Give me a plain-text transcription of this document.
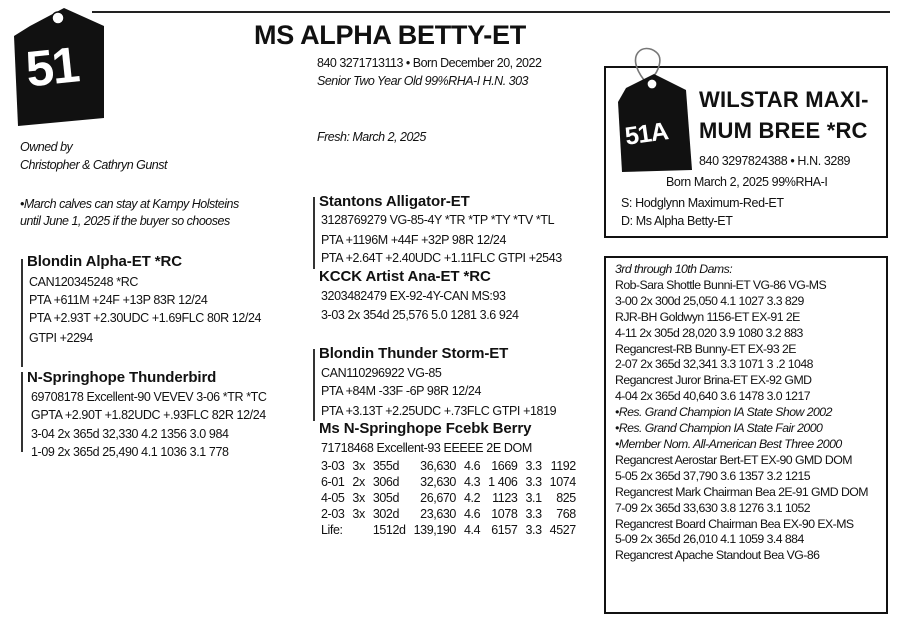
51
MS ALPHA BETTY-ET
840 3271713113 • Born December 20, 2022
Senior Two Year Old 99%RHA-I H.N. 303
Fresh: March 2, 2025
Owned by
Christopher & Cathryn Gunst
•March calves can stay at Kampy Holsteins
until June 1, 2025 if the buyer so chooses
Blondin Alpha-ET *RC
CAN120345248 *RC
PTA +611M +24F +13P 83R 12/24
PTA +2.93T +2.30UDC +1.69FLC 80R 12/24
GTPI +2294
N-Springhope Thunderbird
69708178 Excellent-90 VEVEV 3-06 *TR *TC
GPTA +2.90T +1.82UDC +.93FLC 82R 12/24
3-04 2x 365d 32,330 4.2 1356 3.0 984
1-09 2x 365d 25,490 4.1 1036 3.1 778
Stantons Alligator-ET
3128769279 VG-85-4Y *TR *TP *TY *TV *TL
PTA +1196M +44F +32P 98R 12/24
PTA +2.64T +2.40UDC +1.11FLC GTPI +2543
KCCK Artist Ana-ET *RC
3203482479 EX-92-4Y-CAN MS:93
3-03 2x 354d 25,576 5.0 1281 3.6 924
Blondin Thunder Storm-ET
CAN110296922 VG-85
PTA +84M -33F -6P 98R 12/24
PTA +3.13T +2.25UDC +.73FLC GTPI +1819
Ms N-Springhope Fcebk Berry
71718468 Excellent-93 EEEEE 2E DOM
3-03	3x	355d	36,630	4.6	1669	3.3	1192
6-01	2x	306d	32,630	4.3	1 406	3.3	1074
4-05	3x	305d	26,670	4.2	1123	3.1	825
2-03	3x	302d	23,630	4.6	1078	3.3	768
Life:		1512d	139,190	4.4	6157	3.3	4527
51A
WILSTAR MAXI-
MUM BREE *RC
840 3297824388 • H.N. 3289
Born March 2, 2025 99%RHA-I
S: Hodglynn Maximum-Red-ET
D: Ms Alpha Betty-ET
3rd through 10th Dams:
Rob-Sara Shottle Bunni-ET VG-86 VG-MS
3-00 2x 300d 25,050 4.1 1027 3.3 829
RJR-BH Goldwyn 1156-ET EX-91 2E
4-11 2x 305d 28,020 3.9 1080 3.2 883
Regancrest-RB Bunny-ET EX-93 2E
2-07 2x 365d 32,341 3.3 1071 3 .2 1048
Regancrest Juror Brina-ET EX-92 GMD
4-04 2x 365d 40,640 3.6 1478 3.0 1217
•Res. Grand Champion IA State Show 2002
•Res. Grand Champion IA State Fair 2000
•Member Nom. All-American Best Three 2000
Regancrest Aerostar Bert-ET EX-90 GMD DOM
5-05 2x 365d 37,790 3.6 1357 3.2 1215
Regancrest Mark Chairman Bea 2E-91 GMD DOM
7-09 2x 365d 33,630 3.8 1276 3.1 1052
Regancrest Board Chairman Bea EX-90 EX-MS
5-09 2x 365d 26,010 4.1 1059 3.4 884
Regancrest Apache Standout Bea VG-86
